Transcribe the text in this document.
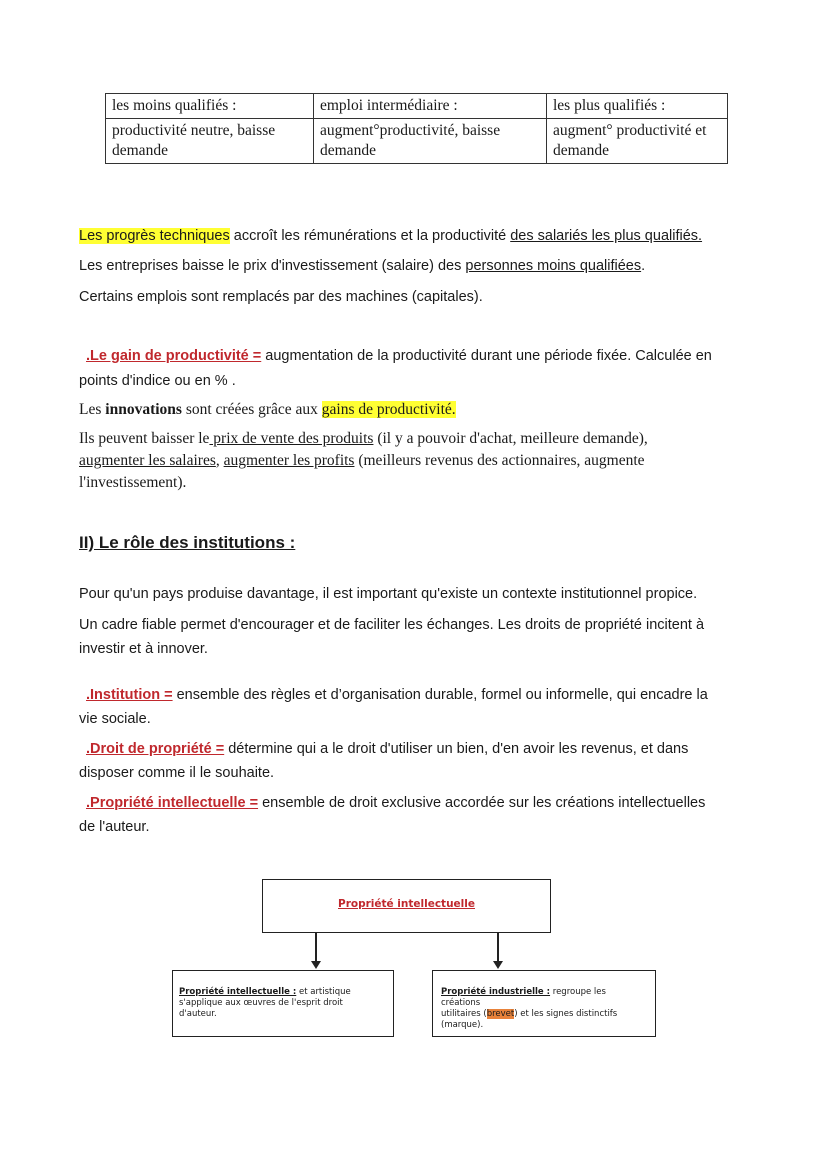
les moins qualifiés :	emploi intermédiaire :	les plus qualifiés :
productivité neutre, baisse demande	augment°productivité, baisse demande	augment° productivité et demande
Les progrès techniques accroît les rémunérations et la productivité des salariés les plus qualifiés.
Les entreprises baisse le prix d'investissement (salaire) des personnes moins qualifiées.
Certains emplois sont remplacés par des machines (capitales).
.Le gain de productivité = augmentation de la productivité durant une période fixée. Calculée en
points d'indice ou en % .
Les innovations sont créées grâce aux gains de productivité.
Ils peuvent baisser le prix de vente des produits (il y a pouvoir d'achat, meilleure demande),
augmenter les salaires, augmenter les profits (meilleurs revenus des actionnaires, augmente
l'investissement).
II) Le rôle des institutions :
Pour qu'un pays produise davantage, il est important qu'existe un contexte institutionnel propice.
Un cadre fiable permet d'encourager et de faciliter les échanges. Les droits de propriété incitent à
investir et à innover.
.Institution = ensemble des règles et d’organisation durable, formel ou informelle, qui encadre la
vie sociale.
.Droit de propriété = détermine qui a le droit d'utiliser un bien, d'en avoir les revenus, et dans
disposer comme il le souhaite.
.Propriété intellectuelle = ensemble de droit exclusive accordée sur les créations intellectuelles
de l'auteur.
Propriété intellectuelle
Propriété intellectuelle : et artistique
s'applique aux œuvres de l'esprit droit
d'auteur.
Propriété industrielle : regroupe les créations
utilitaires (brevet) et les signes distinctifs
(marque).
